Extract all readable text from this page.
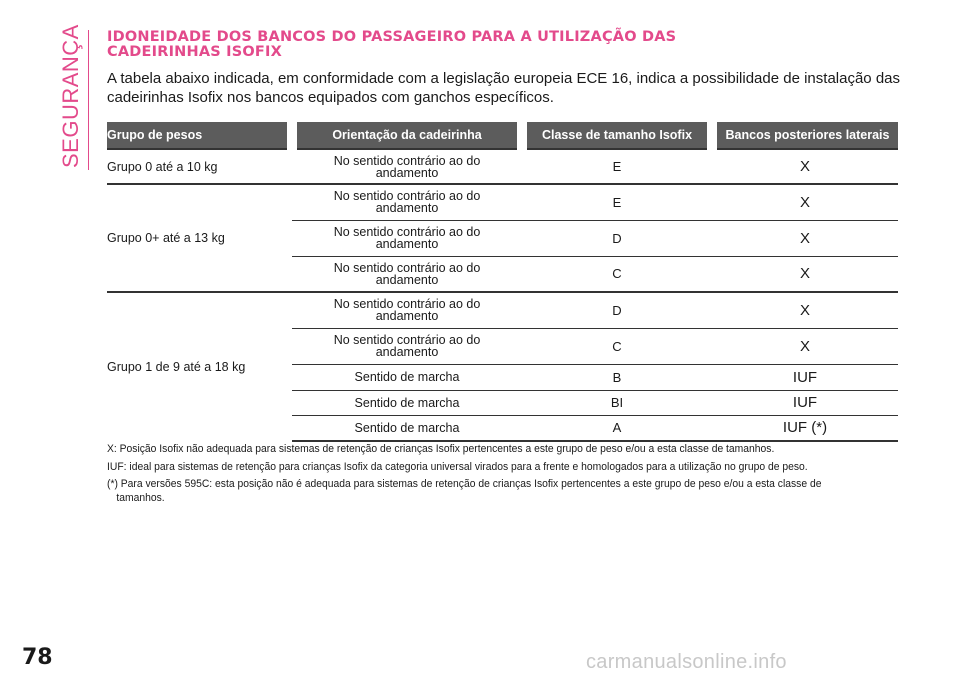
SEGURANÇA IDONEIDADE DOS BANCOS DO PASSAGEIRO PARA A UTILIZAÇÃO DAS
CADEIRINHAS ISOFIX
A tabela abaixo indicada, em conformidade com a legislação europeia ECE 16, indica a possibilidade de instalação das cadeirinhas Isofix nos bancos equipados com ganchos específicos.
Grupo de pesos	Orientação da cadeirinha	Classe de tamanho Isofix	Bancos posteriores laterais
Grupo 0 até a 10 kg	No sentido contrário ao do
andamento	E	X
Grupo 0+ até a 13 kg	No sentido contrário ao do
andamento	E	X

	No sentido contrário ao do
andamento	D	X

	No sentido contrário ao do
andamento	C	X
Grupo 1 de 9 até a 18 kg	No sentido contrário ao do
andamento	D	X

	No sentido contrário ao do
andamento	C	X

	Sentido de marcha	B	IUF

	Sentido de marcha	BI	IUF

	Sentido de marcha	A	IUF (*)

X: Posição Isofix não adequada para sistemas de retenção de crianças Isofix pertencentes a este grupo de peso e/ou a esta classe de tamanhos.

IUF: ideal para sistemas de retenção para crianças Isofix da categoria universal virados para a frente e homologados para a utilização no grupo de peso.

(*) Para versões 595C: esta posição não é adequada para sistemas de retenção de crianças Isofix pertencentes a este grupo de peso e/ou a esta classe de tamanhos.

78	carmanualsonline.info
